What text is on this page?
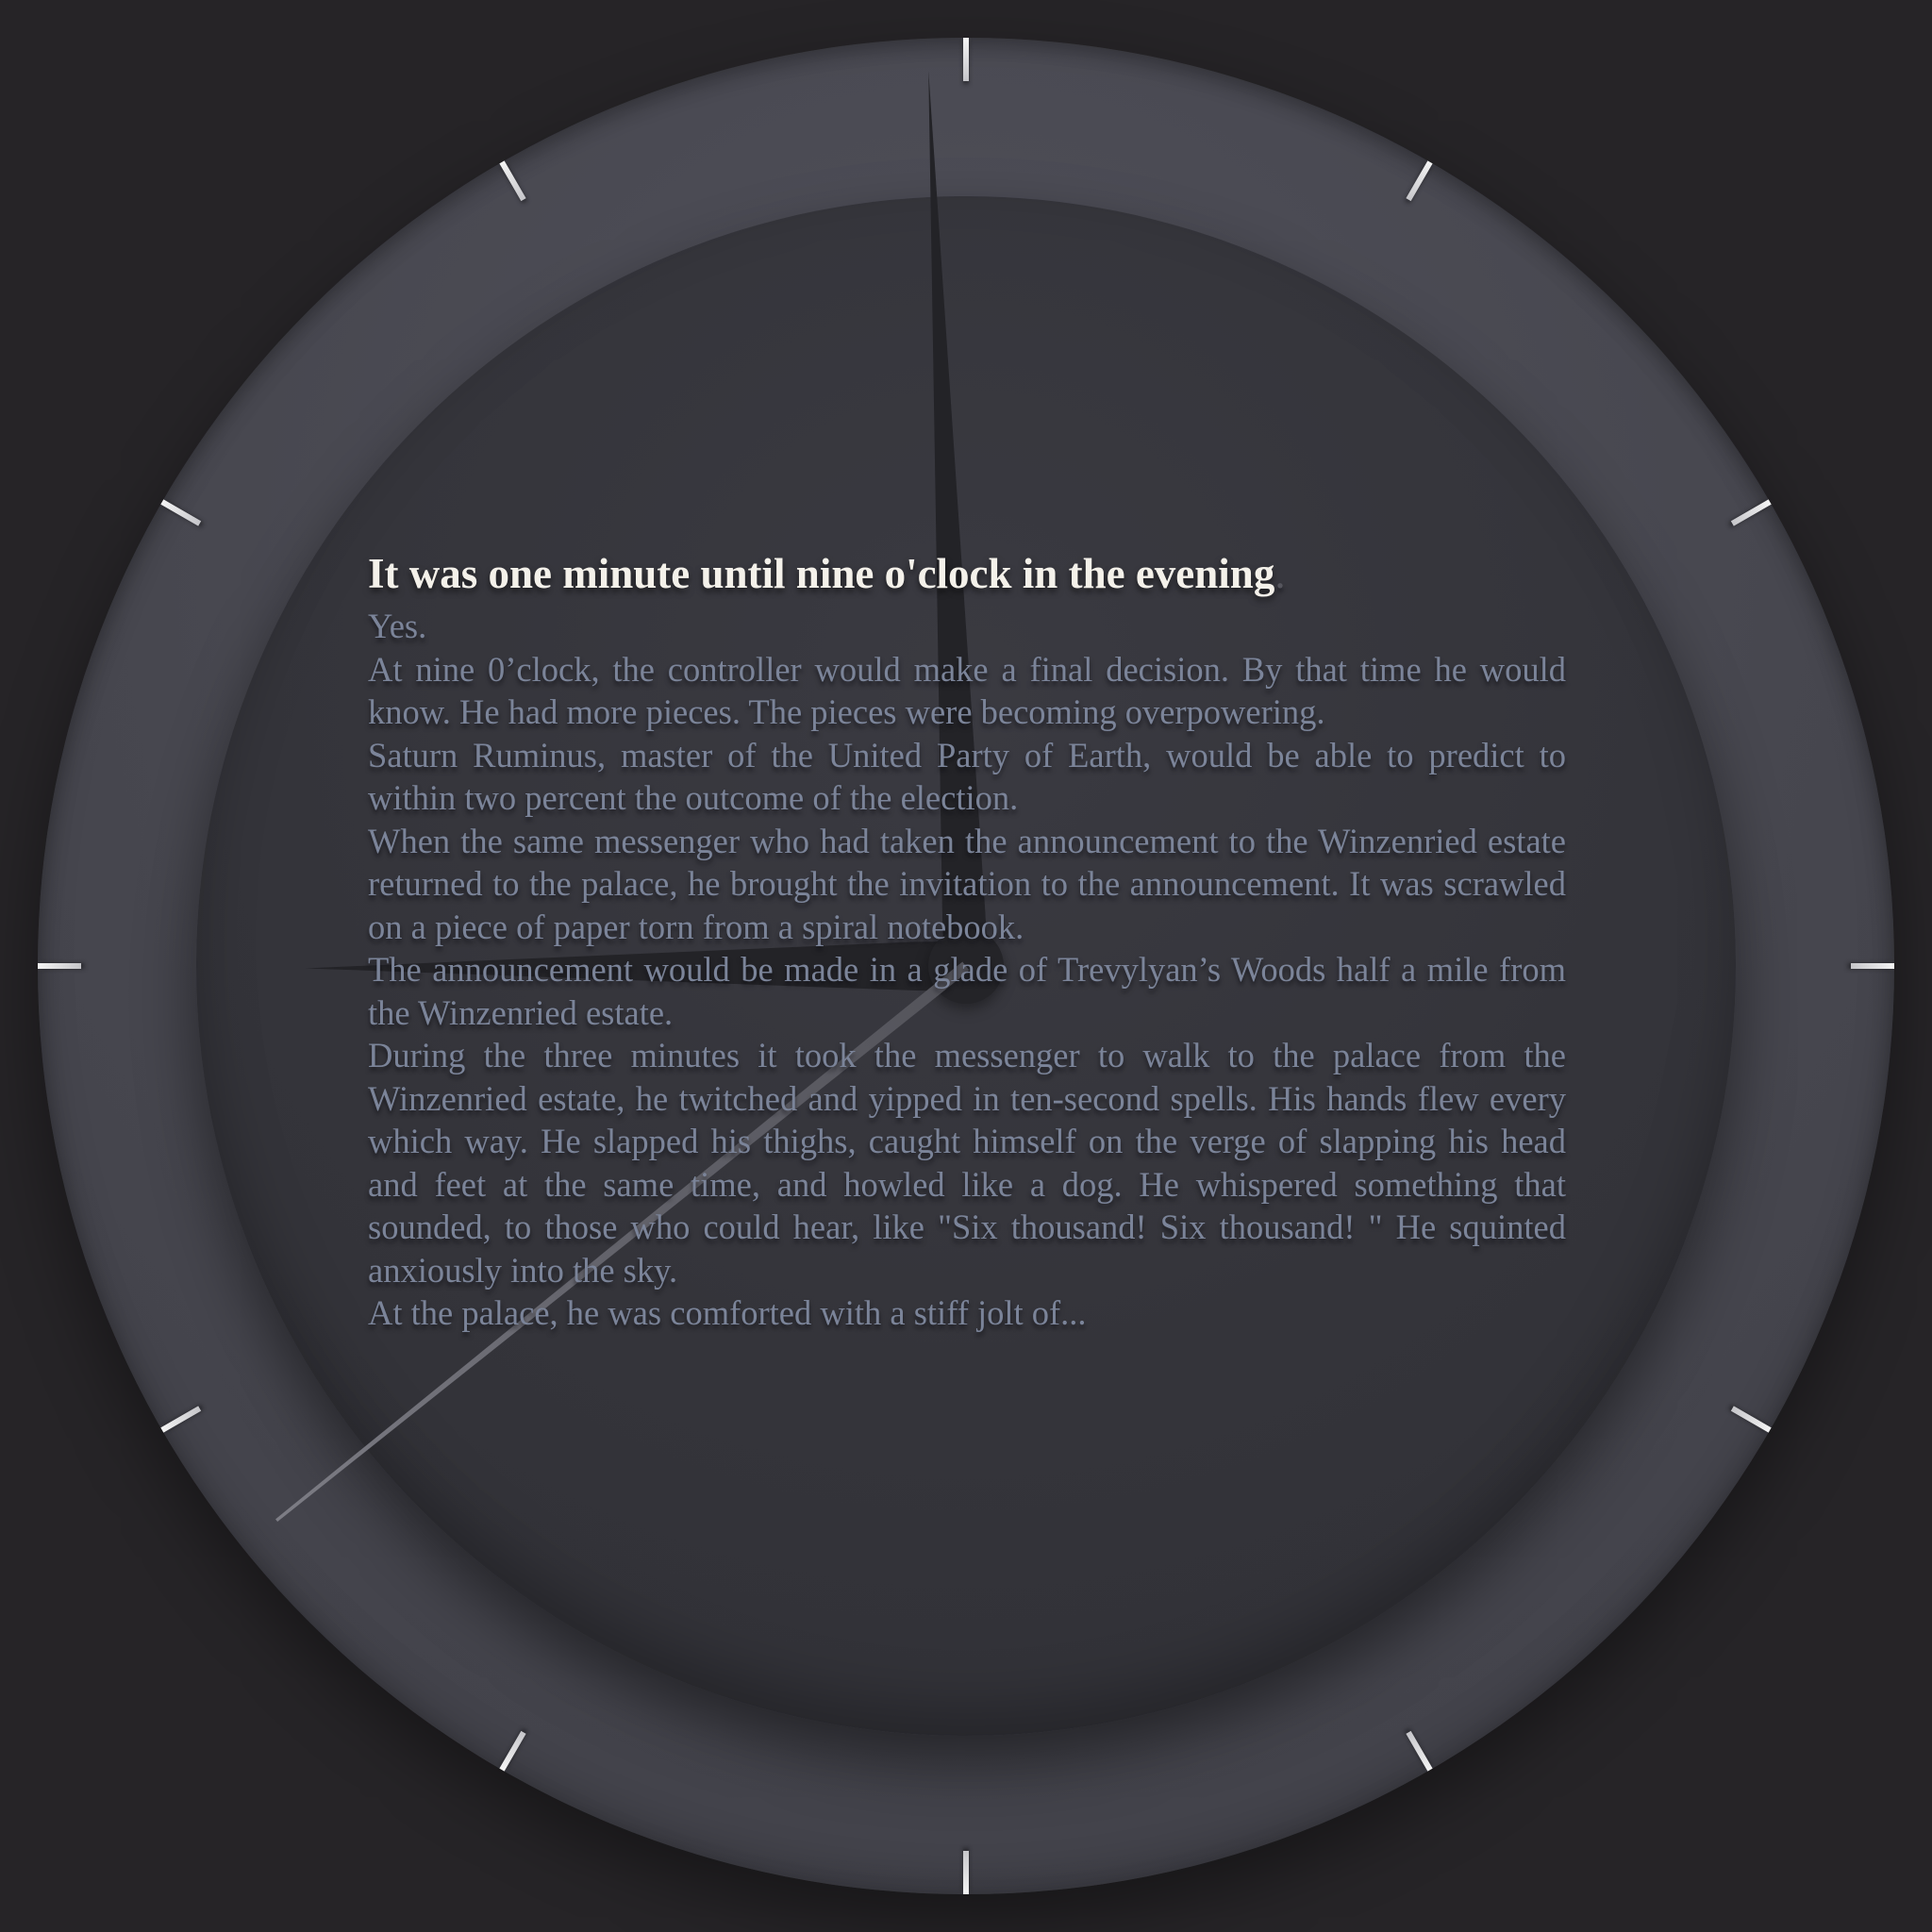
It was one minute until nine o'clock in the evening.

Yes.

At nine 0’clock, the controller would make a final decision. By that time he would know. He had more pieces. The pieces were becoming overpowering.

Saturn Ruminus, master of the United Party of Earth, would be able to predict to within two percent the outcome of the election.

When the same messenger who had taken the announcement to the Winzenried estate returned to the palace, he brought the invitation to the announcement. It was scrawled on a piece of paper torn from a spiral notebook.

The announcement would be made in a glade of Trevylyan’s Woods half a mile from the Winzenried estate.

During the three minutes it took the messenger to walk to the palace from the Winzenried estate, he twitched and yipped in ten-second spells. His hands flew every which way. He slapped his thighs, caught himself on the verge of slapping his head and feet at the same time, and howled like a dog. He whispered something that sounded, to those who could hear, like "Six thousand! Six thousand! " He squinted anxiously into the sky.

At the palace, he was comforted with a stiff jolt of...
